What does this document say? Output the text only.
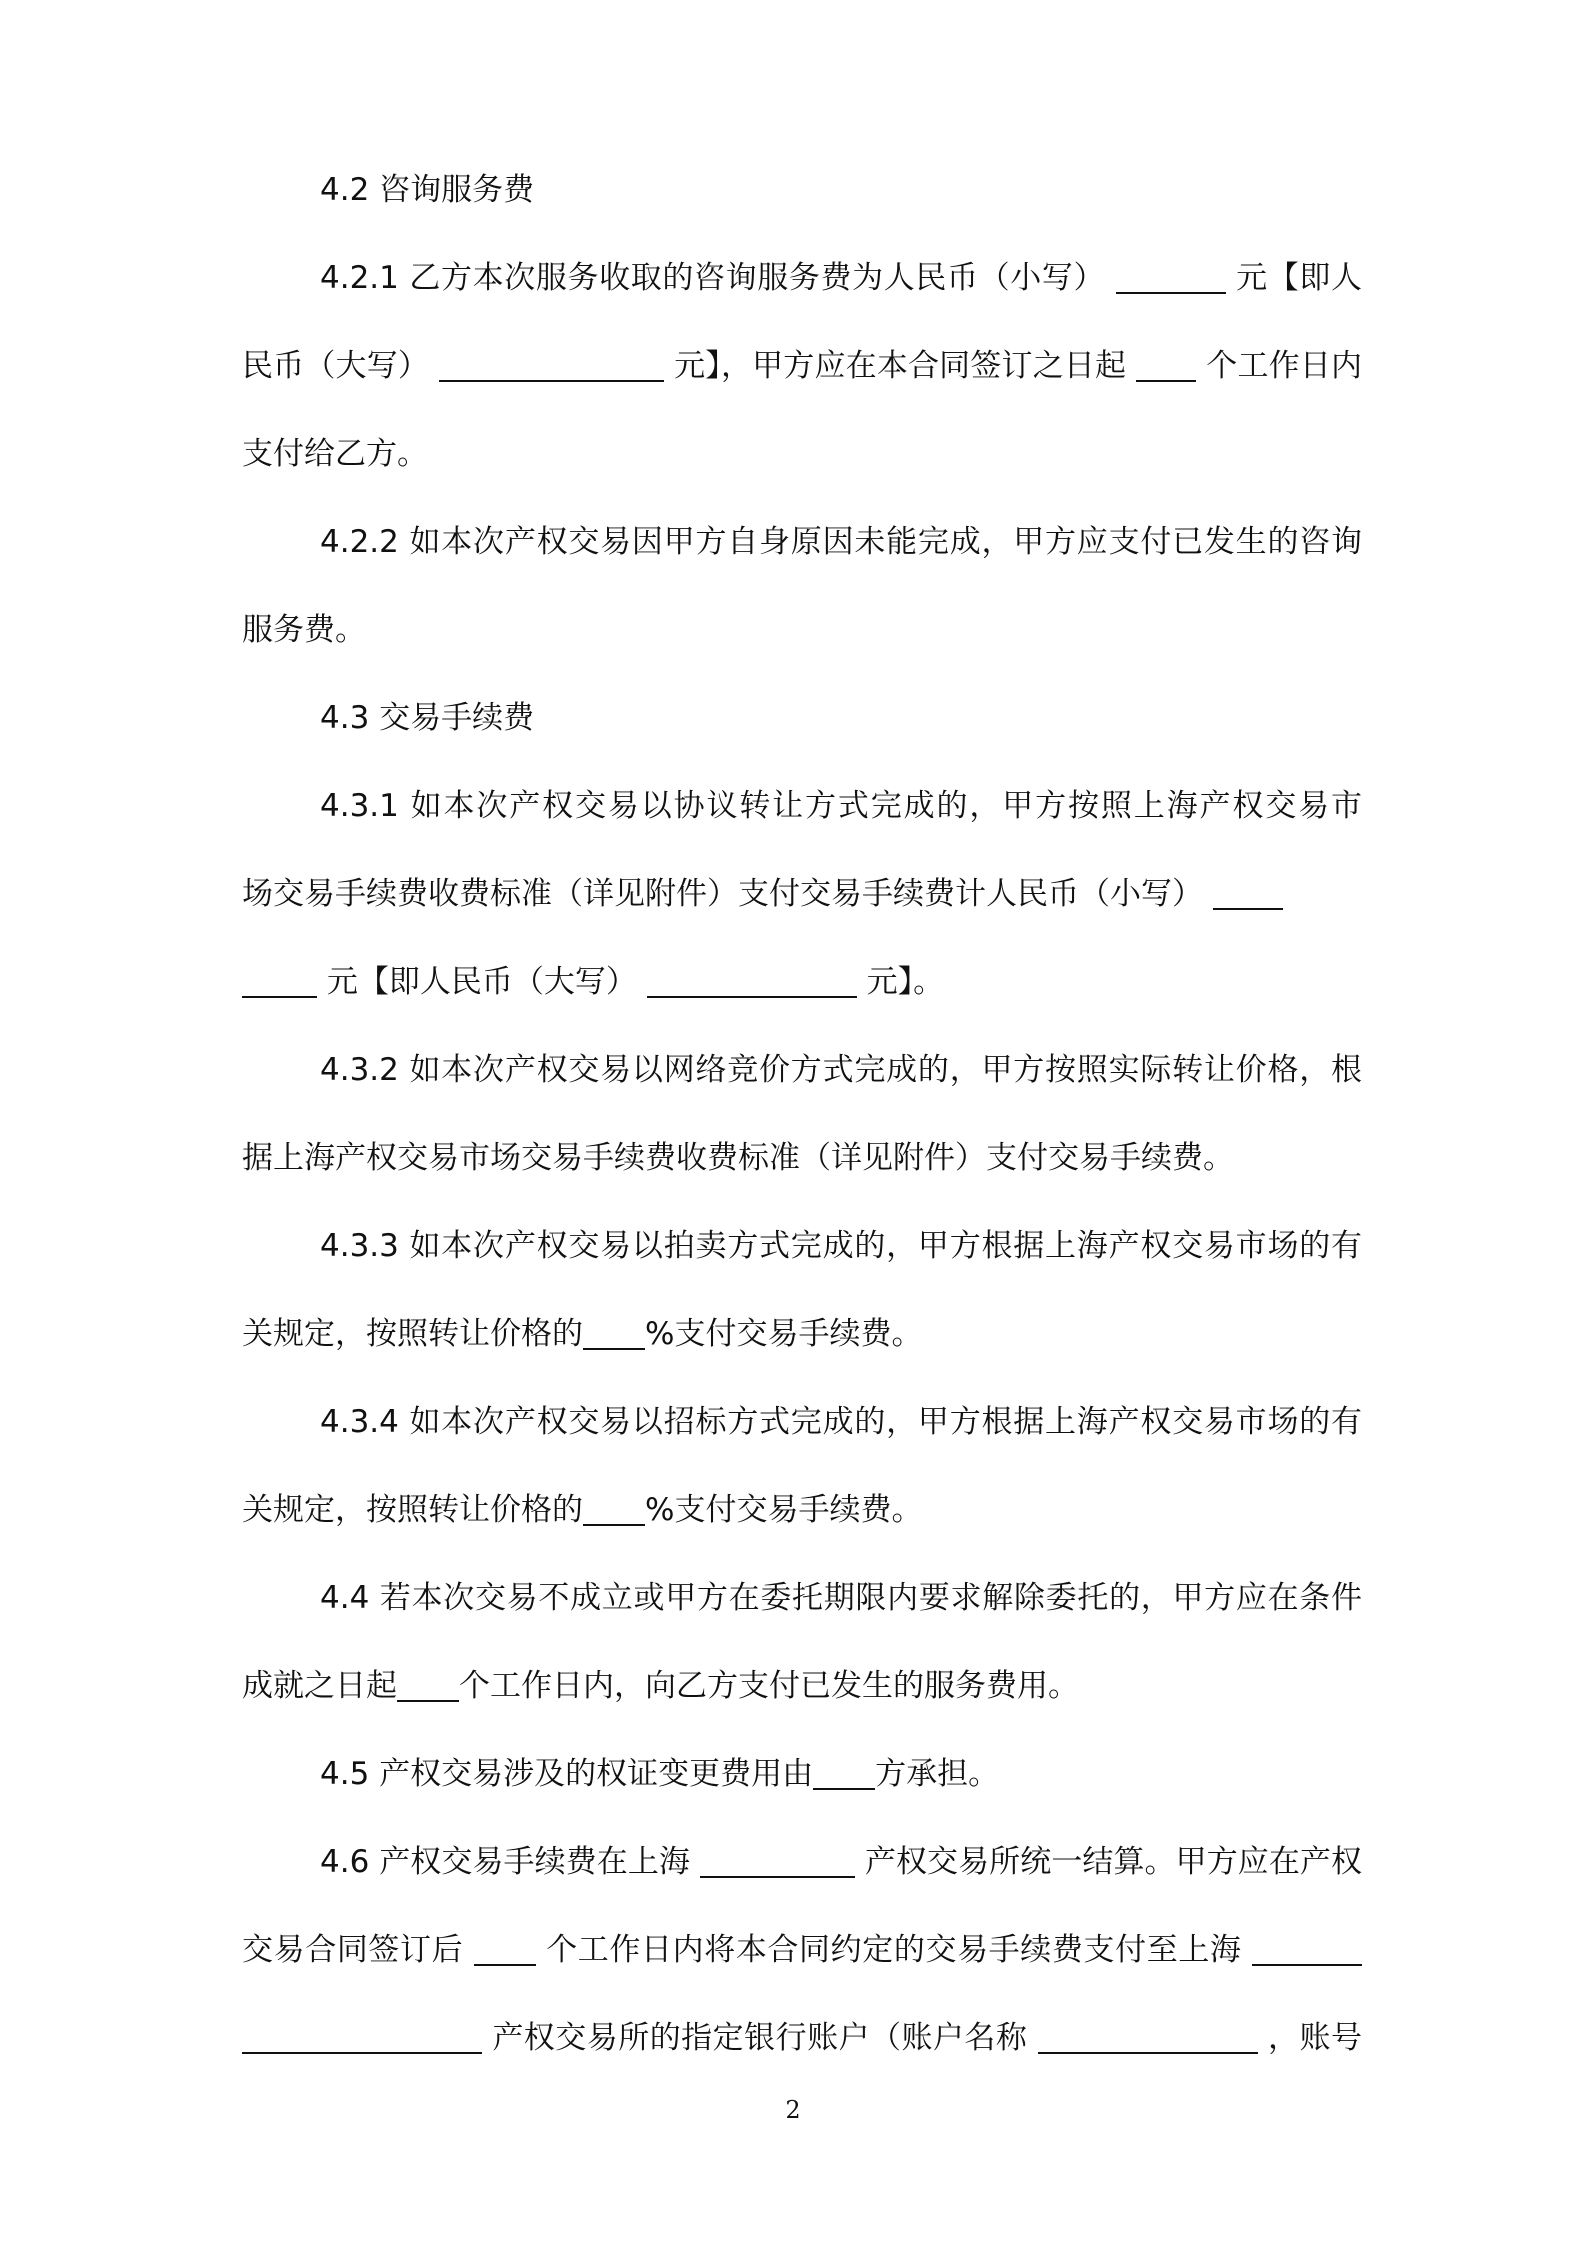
4.2 咨询服务费
4.2.1 乙方本次服务收取的咨询服务费为人民币（小写）	元【即人
民币（大写）	元】，甲方应在本合同签订之日起	个工作日内
支付给乙方。
4.2.2 如本次产权交易因甲方自身原因未能完成，甲方应支付已发生的咨询
服务费。
4.3 交易手续费
4.3.1 如本次产权交易以协议转让方式完成的，甲方按照上海产权交易市
场交易手续费收费标准（详见附件）支付交易手续费计人民币（小写）
元【即人民币（大写）	元】。
4.3.2 如本次产权交易以网络竞价方式完成的，甲方按照实际转让价格，根
据上海产权交易市场交易手续费收费标准（详见附件）支付交易手续费。
4.3.3 如本次产权交易以拍卖方式完成的，甲方根据上海产权交易市场的有
关规定，按照转让价格的 %支付交易手续费。
4.3.4 如本次产权交易以招标方式完成的，甲方根据上海产权交易市场的有
关规定，按照转让价格的 %支付交易手续费。
4.4 若本次交易不成立或甲方在委托期限内要求解除委托的，甲方应在条件
成就之日起 个工作日内，向乙方支付已发生的服务费用。
4.5 产权交易涉及的权证变更费用由 方承担。
4.6 产权交易手续费在上海	产权交易所统一结算。甲方应在产权
交易合同签订后	个工作日内将本合同约定的交易手续费支付至上海
产权交易所的指定银行账户（账户名称	，账号
2
